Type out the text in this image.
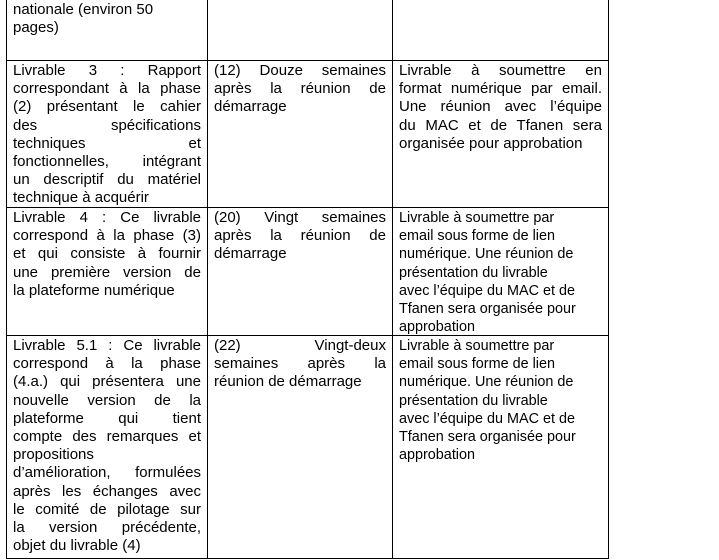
nationale (environ 50
pages)
Livrable 3 : Rapport
correspondant à la phase
(2) présentant le cahier
des spécifications
techniques et
fonctionnelles, intégrant
un descriptif du matériel
technique à acquérir
(12) Douze semaines
après la réunion de
démarrage
Livrable à soumettre en
format numérique par email.
Une réunion avec l’équipe
du MAC et de Tfanen sera
organisée pour approbation
Livrable 4 : Ce livrable
correspond à la phase (3)
et qui consiste à fournir
une première version de
la plateforme numérique
(20) Vingt semaines
après la réunion de
démarrage
Livrable à soumettre par
email sous forme de lien
numérique. Une réunion de
présentation du livrable
avec l’équipe du MAC et de
Tfanen sera organisée pour
approbation
Livrable 5.1 : Ce livrable
correspond à la phase
(4.a.) qui présentera une
nouvelle version de la
plateforme qui tient
compte des remarques et
propositions
d’amélioration, formulées
après les échanges avec
le comité de pilotage sur
la version précédente,
objet du livrable (4)
(22) Vingt-deux
semaines après la
réunion de démarrage
Livrable à soumettre par
email sous forme de lien
numérique. Une réunion de
présentation du livrable
avec l’équipe du MAC et de
Tfanen sera organisée pour
approbation
